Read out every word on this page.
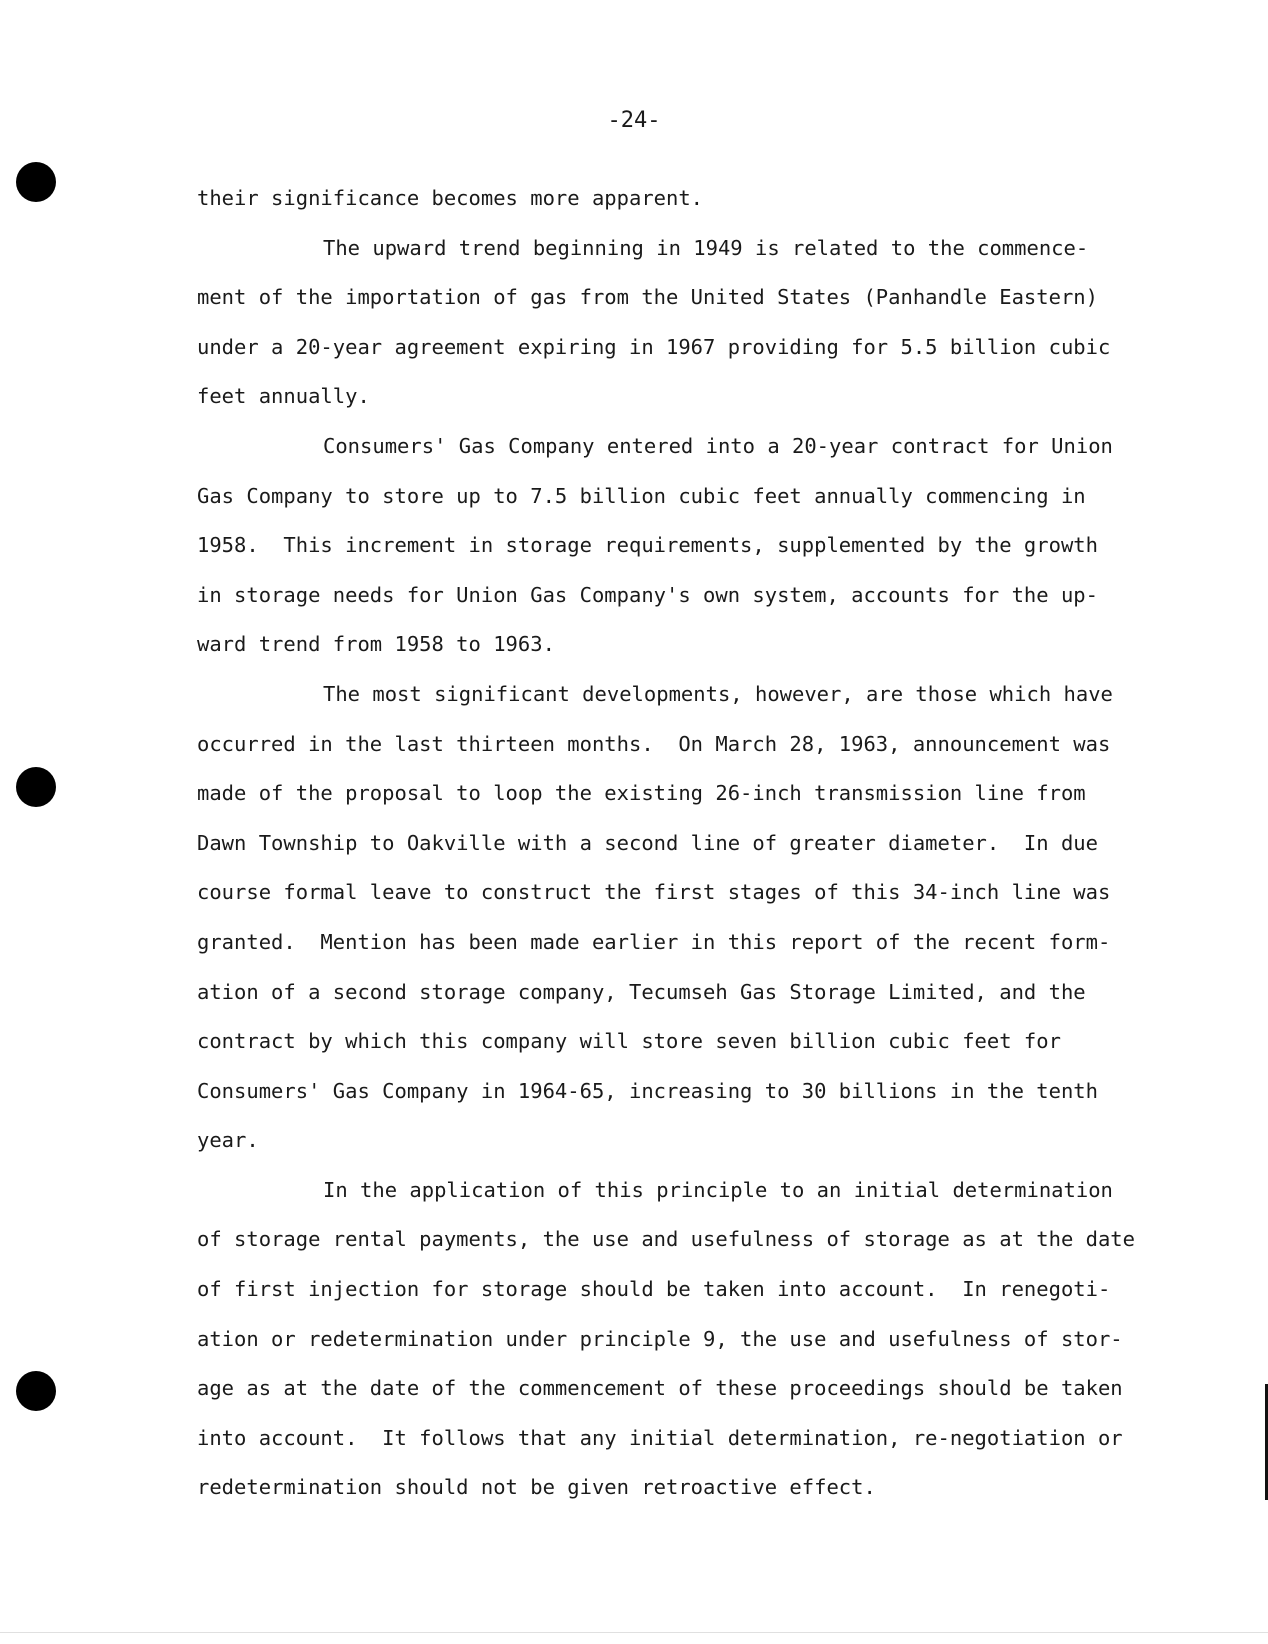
-24-
their significance becomes more apparent.
The upward trend beginning in 1949 is related to the commence-
ment of the importation of gas from the United States (Panhandle Eastern)
under a 20-year agreement expiring in 1967 providing for 5.5 billion cubic
feet annually.
Consumers' Gas Company entered into a 20-year contract for Union
Gas Company to store up to 7.5 billion cubic feet annually commencing in
1958.  This increment in storage requirements, supplemented by the growth
in storage needs for Union Gas Company's own system, accounts for the up-
ward trend from 1958 to 1963.
The most significant developments, however, are those which have
occurred in the last thirteen months.  On March 28, 1963, announcement was
made of the proposal to loop the existing 26-inch transmission line from
Dawn Township to Oakville with a second line of greater diameter.  In due
course formal leave to construct the first stages of this 34-inch line was
granted.  Mention has been made earlier in this report of the recent form-
ation of a second storage company, Tecumseh Gas Storage Limited, and the
contract by which this company will store seven billion cubic feet for
Consumers' Gas Company in 1964-65, increasing to 30 billions in the tenth
year.
In the application of this principle to an initial determination
of storage rental payments, the use and usefulness of storage as at the date
of first injection for storage should be taken into account.  In renegoti-
ation or redetermination under principle 9, the use and usefulness of stor-
age as at the date of the commencement of these proceedings should be taken
into account.  It follows that any initial determination, re-negotiation or
redetermination should not be given retroactive effect.
